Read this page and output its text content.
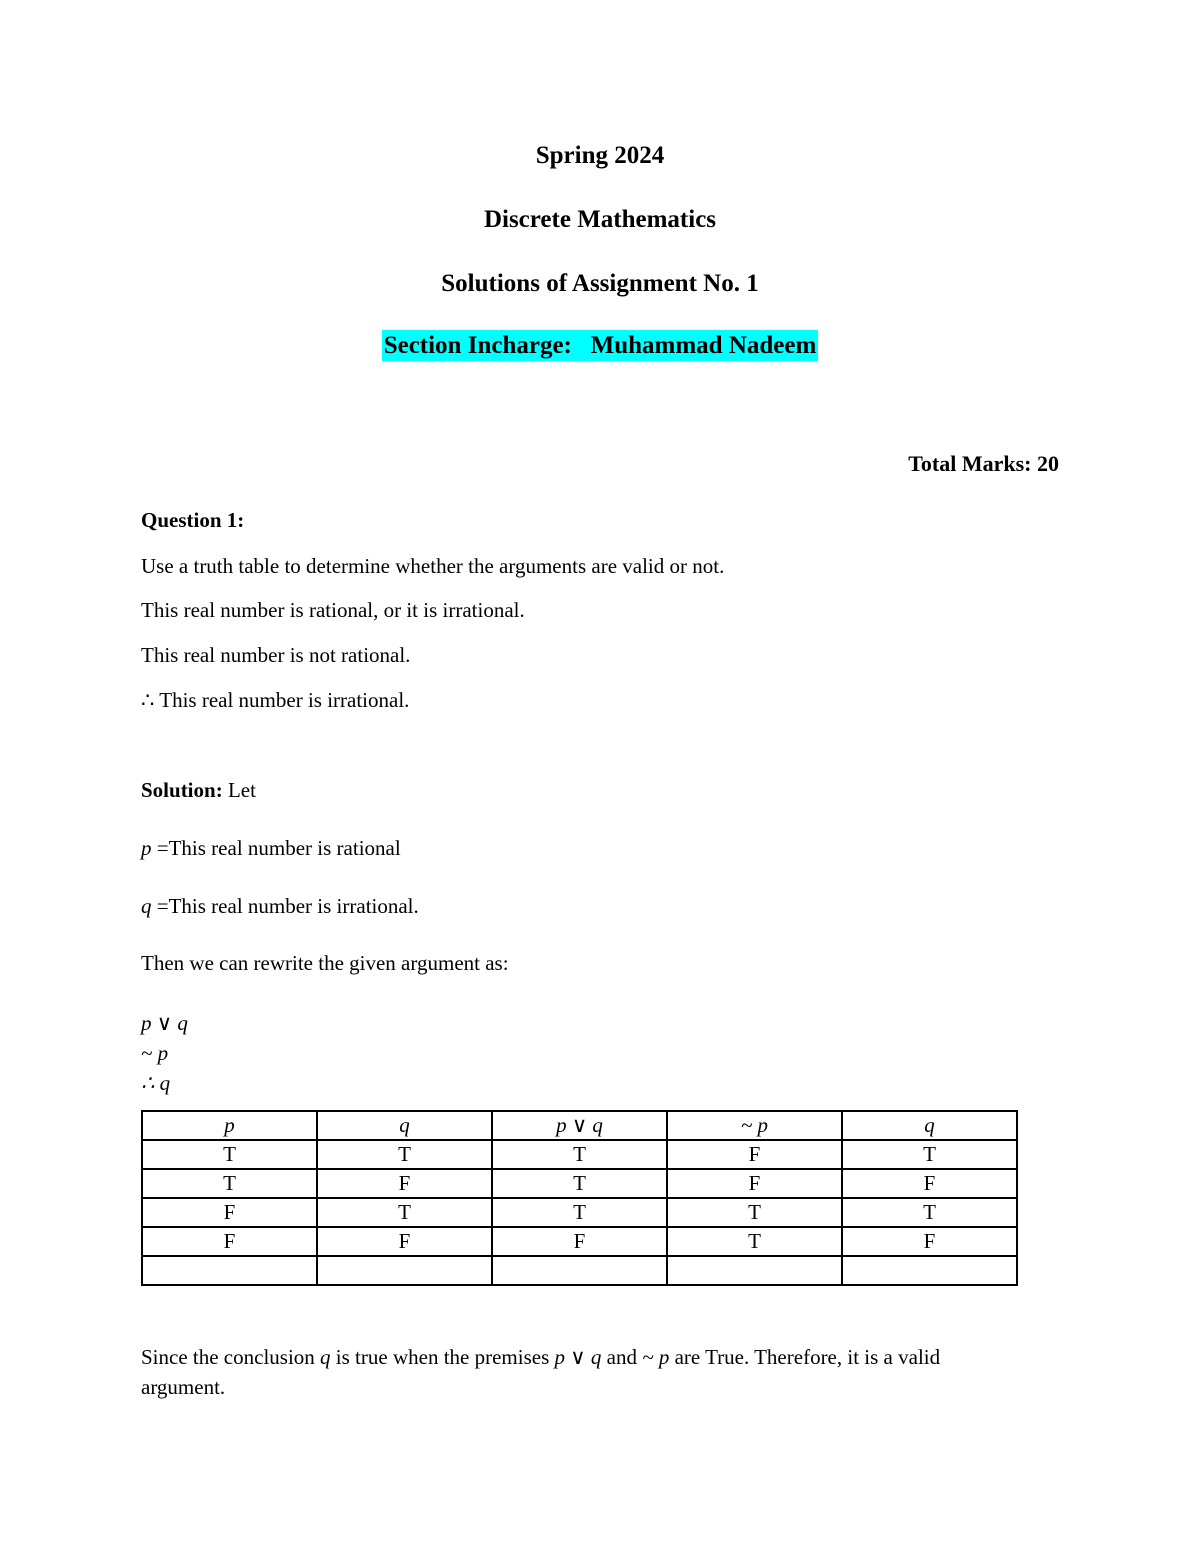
Spring 2024

Discrete Mathematics

Solutions of Assignment No. 1

Section Incharge: Muhammad Nadeem

Total Marks: 20

Question 1:

Use a truth table to determine whether the arguments are valid or not.

This real number is rational, or it is irrational.

This real number is not rational.

∴ This real number is irrational.

Solution: Let

p =This real number is rational

q =This real number is irrational.

Then we can rewrite the given argument as:

p ∨ q

~ p

∴ q

p	q	p ∨ q	~ p	q
T	T	T	F	T
T	F	T	F	F
F	T	T	T	T
F	F	F	T	F

Since the conclusion q is true when the premises p ∨ q and ~ p are True. Therefore, it is a valid
argument.
